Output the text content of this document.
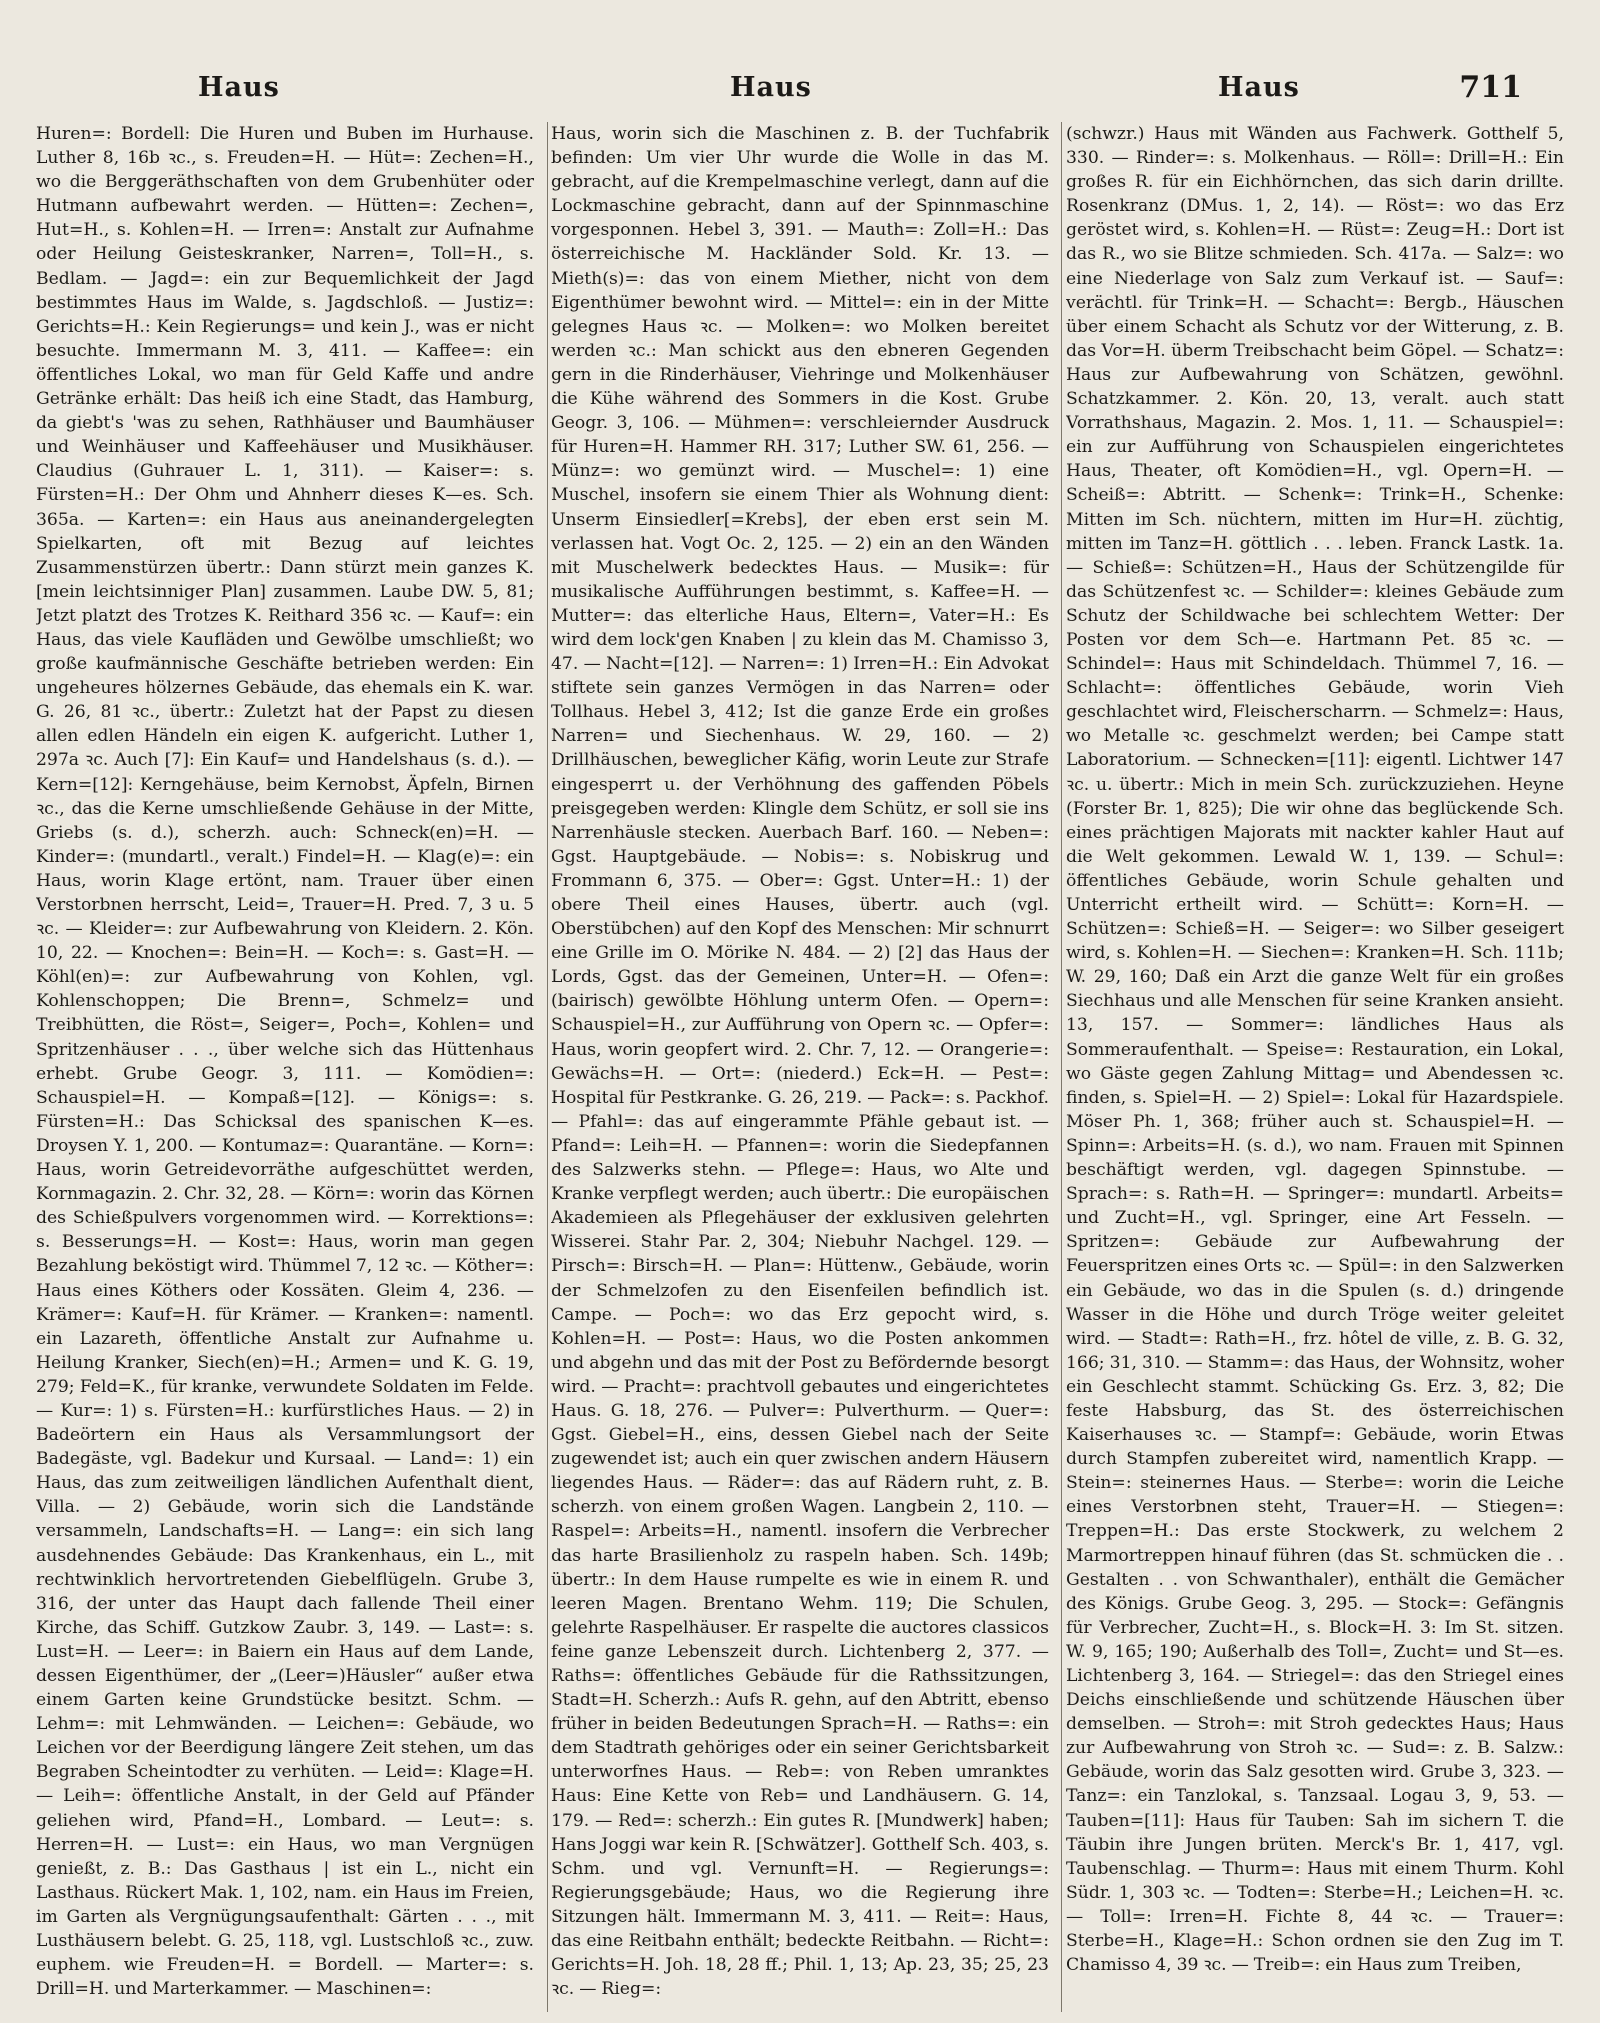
Haus	Haus	Haus	711

Huren=: Bordell: Die Huren und Buben im Hurhause. Luther 8, 16b ꝛc., s. Freuden=H. — Hüt=: Zechen=H., wo die Berggeräthschaften von dem Grubenhüter oder Hutmann aufbewahrt werden. — Hütten=: Zechen=, Hut=H., s. Kohlen=H. — Irren=: Anstalt zur Aufnahme oder Heilung Geisteskranker, Narren=, Toll=H., s. Bedlam. — Jagd=: ein zur Bequemlichkeit der Jagd bestimmtes Haus im Walde, s. Jagdschloß. — Justiz=: Gerichts=H.: Kein Regierungs= und kein J., was er nicht besuchte. Immermann M. 3, 411. — Kaffee=: ein öffentliches Lokal, wo man für Geld Kaffe und andre Getränke erhält: Das heiß ich eine Stadt, das Hamburg, da giebt's 'was zu sehen, Rathhäuser und Baumhäuser und Weinhäuser und Kaffeehäuser und Musikhäuser. Claudius (Guhrauer L. 1, 311). — Kaiser=: s. Fürsten=H.: Der Ohm und Ahnherr dieses K—es. Sch. 365a. — Karten=: ein Haus aus aneinandergelegten Spielkarten, oft mit Bezug auf leichtes Zusammenstürzen übertr.: Dann stürzt mein ganzes K. [mein leichtsinniger Plan] zusammen. Laube DW. 5, 81; Jetzt platzt des Trotzes K. Reithard 356 ꝛc. — Kauf=: ein Haus, das viele Kaufläden und Gewölbe umschließt; wo große kaufmännische Geschäfte betrieben werden: Ein ungeheures hölzernes Gebäude, das ehemals ein K. war. G. 26, 81 ꝛc., übertr.: Zuletzt hat der Papst zu diesen allen edlen Händeln ein eigen K. aufgericht. Luther 1, 297a ꝛc. Auch [7]: Ein Kauf= und Handelshaus (s. d.). — Kern=[12]: Kerngehäuse, beim Kernobst, Äpfeln, Birnen ꝛc., das die Kerne umschließende Gehäuse in der Mitte, Griebs (s. d.), scherzh. auch: Schneck(en)=H. — Kinder=: (mundartl., veralt.) Findel=H. — Klag(e)=: ein Haus, worin Klage ertönt, nam. Trauer über einen Verstorbnen herrscht, Leid=, Trauer=H. Pred. 7, 3 u. 5 ꝛc. — Kleider=: zur Aufbewahrung von Kleidern. 2. Kön. 10, 22. — Knochen=: Bein=H. — Koch=: s. Gast=H. — Köhl(en)=: zur Aufbewahrung von Kohlen, vgl. Kohlenschoppen; Die Brenn=, Schmelz= und Treibhütten, die Röst=, Seiger=, Poch=, Kohlen= und Spritzenhäuser . . ., über welche sich das Hüttenhaus erhebt. Grube Geogr. 3, 111. — Komödien=: Schauspiel=H. — Kompaß=[12]. — Königs=: s. Fürsten=H.: Das Schicksal des spanischen K—es. Droysen Y. 1, 200. — Kontumaz=: Quarantäne. — Korn=: Haus, worin Getreidevorräthe aufgeschüttet werden, Kornmagazin. 2. Chr. 32, 28. — Körn=: worin das Körnen des Schießpulvers vorgenommen wird. — Korrektions=: s. Besserungs=H. — Kost=: Haus, worin man gegen Bezahlung beköstigt wird. Thümmel 7, 12 ꝛc. — Köther=: Haus eines Köthers oder Kossäten. Gleim 4, 236. — Krämer=: Kauf=H. für Krämer. — Kranken=: namentl. ein Lazareth, öffentliche Anstalt zur Aufnahme u. Heilung Kranker, Siech(en)=H.; Armen= und K. G. 19, 279; Feld=K., für kranke, verwundete Soldaten im Felde. — Kur=: 1) s. Fürsten=H.: kurfürstliches Haus. — 2) in Badeörtern ein Haus als Versammlungsort der Badegäste, vgl. Badekur und Kursaal. — Land=: 1) ein Haus, das zum zeitweiligen ländlichen Aufenthalt dient, Villa. — 2) Gebäude, worin sich die Landstände versammeln, Landschafts=H. — Lang=: ein sich lang ausdehnendes Gebäude: Das Krankenhaus, ein L., mit rechtwinklich hervortretenden Giebelflügeln. Grube 3, 316, der unter das Haupt dach fallende Theil einer Kirche, das Schiff. Gutzkow Zaubr. 3, 149. — Last=: s. Lust=H. — Leer=: in Baiern ein Haus auf dem Lande, dessen Eigenthümer, der „(Leer=)Häusler“ außer etwa einem Garten keine Grundstücke besitzt. Schm. — Lehm=: mit Lehmwänden. — Leichen=: Gebäude, wo Leichen vor der Beerdigung längere Zeit stehen, um das Begraben Scheintodter zu verhüten. — Leid=: Klage=H. — Leih=: öffentliche Anstalt, in der Geld auf Pfänder geliehen wird, Pfand=H., Lombard. — Leut=: s. Herren=H. — Lust=: ein Haus, wo man Vergnügen genießt, z. B.: Das Gasthaus | ist ein L., nicht ein Lasthaus. Rückert Mak. 1, 102, nam. ein Haus im Freien, im Garten als Vergnügungsaufenthalt: Gärten . . ., mit Lusthäusern belebt. G. 25, 118, vgl. Lustschloß ꝛc., zuw. euphem. wie Freuden=H. = Bordell. — Marter=: s. Drill=H. und Marterkammer. — Maschinen=:

Haus, worin sich die Maschinen z. B. der Tuchfabrik befinden: Um vier Uhr wurde die Wolle in das M. gebracht, auf die Krempelmaschine verlegt, dann auf die Lockmaschine gebracht, dann auf der Spinnmaschine vorgesponnen. Hebel 3, 391. — Mauth=: Zoll=H.: Das österreichische M. Hackländer Sold. Kr. 13. — Mieth(s)=: das von einem Miether, nicht von dem Eigenthümer bewohnt wird. — Mittel=: ein in der Mitte gelegnes Haus ꝛc. — Molken=: wo Molken bereitet werden ꝛc.: Man schickt aus den ebneren Gegenden gern in die Rinderhäuser, Viehringe und Molkenhäuser die Kühe während des Sommers in die Kost. Grube Geogr. 3, 106. — Mühmen=: verschleiernder Ausdruck für Huren=H. Hammer RH. 317; Luther SW. 61, 256. — Münz=: wo gemünzt wird. — Muschel=: 1) eine Muschel, insofern sie einem Thier als Wohnung dient: Unserm Einsiedler[=Krebs], der eben erst sein M. verlassen hat. Vogt Oc. 2, 125. — 2) ein an den Wänden mit Muschelwerk bedecktes Haus. — Musik=: für musikalische Aufführungen bestimmt, s. Kaffee=H. — Mutter=: das elterliche Haus, Eltern=, Vater=H.: Es wird dem lock'gen Knaben | zu klein das M. Chamisso 3, 47. — Nacht=[12]. — Narren=: 1) Irren=H.: Ein Advokat stiftete sein ganzes Vermögen in das Narren= oder Tollhaus. Hebel 3, 412; Ist die ganze Erde ein großes Narren= und Siechenhaus. W. 29, 160. — 2) Drillhäuschen, beweglicher Käfig, worin Leute zur Strafe eingesperrt u. der Verhöhnung des gaffenden Pöbels preisgegeben werden: Klingle dem Schütz, er soll sie ins Narrenhäusle stecken. Auerbach Barf. 160. — Neben=: Ggst. Hauptgebäude. — Nobis=: s. Nobiskrug und Frommann 6, 375. — Ober=: Ggst. Unter=H.: 1) der obere Theil eines Hauses, übertr. auch (vgl. Oberstübchen) auf den Kopf des Menschen: Mir schnurrt eine Grille im O. Mörike N. 484. — 2) [2] das Haus der Lords, Ggst. das der Gemeinen, Unter=H. — Ofen=: (bairisch) gewölbte Höhlung unterm Ofen. — Opern=: Schauspiel=H., zur Aufführung von Opern ꝛc. — Opfer=: Haus, worin geopfert wird. 2. Chr. 7, 12. — Orangerie=: Gewächs=H. — Ort=: (niederd.) Eck=H. — Pest=: Hospital für Pestkranke. G. 26, 219. — Pack=: s. Packhof. — Pfahl=: das auf eingerammte Pfähle gebaut ist. — Pfand=: Leih=H. — Pfannen=: worin die Siedepfannen des Salzwerks stehn. — Pflege=: Haus, wo Alte und Kranke verpflegt werden; auch übertr.: Die europäischen Akademieen als Pflegehäuser der exklusiven gelehrten Wisserei. Stahr Par. 2, 304; Niebuhr Nachgel. 129. — Pirsch=: Birsch=H. — Plan=: Hüttenw., Gebäude, worin der Schmelzofen zu den Eisenfeilen befindlich ist. Campe. — Poch=: wo das Erz gepocht wird, s. Kohlen=H. — Post=: Haus, wo die Posten ankommen und abgehn und das mit der Post zu Befördernde besorgt wird. — Pracht=: prachtvoll gebautes und eingerichtetes Haus. G. 18, 276. — Pulver=: Pulverthurm. — Quer=: Ggst. Giebel=H., eins, dessen Giebel nach der Seite zugewendet ist; auch ein quer zwischen andern Häusern liegendes Haus. — Räder=: das auf Rädern ruht, z. B. scherzh. von einem großen Wagen. Langbein 2, 110. — Raspel=: Arbeits=H., namentl. insofern die Verbrecher das harte Brasilienholz zu raspeln haben. Sch. 149b; übertr.: In dem Hause rumpelte es wie in einem R. und leeren Magen. Brentano Wehm. 119; Die Schulen, gelehrte Raspelhäuser. Er raspelte die auctores classicos feine ganze Lebenszeit durch. Lichtenberg 2, 377. — Raths=: öffentliches Gebäude für die Rathssitzungen, Stadt=H. Scherzh.: Aufs R. gehn, auf den Abtritt, ebenso früher in beiden Bedeutungen Sprach=H. — Raths=: ein dem Stadtrath gehöriges oder ein seiner Gerichtsbarkeit unterworfnes Haus. — Reb=: von Reben umranktes Haus: Eine Kette von Reb= und Landhäusern. G. 14, 179. — Red=: scherzh.: Ein gutes R. [Mundwerk] haben; Hans Joggi war kein R. [Schwätzer]. Gotthelf Sch. 403, s. Schm. und vgl. Vernunft=H. — Regierungs=: Regierungsgebäude; Haus, wo die Regierung ihre Sitzungen hält. Immermann M. 3, 411. — Reit=: Haus, das eine Reitbahn enthält; bedeckte Reitbahn. — Richt=: Gerichts=H. Joh. 18, 28 ff.; Phil. 1, 13; Ap. 23, 35; 25, 23 ꝛc. — Rieg=:

(schwzr.) Haus mit Wänden aus Fachwerk. Gotthelf 5, 330. — Rinder=: s. Molkenhaus. — Röll=: Drill=H.: Ein großes R. für ein Eichhörnchen, das sich darin drillte. Rosenkranz (DMus. 1, 2, 14). — Röst=: wo das Erz geröstet wird, s. Kohlen=H. — Rüst=: Zeug=H.: Dort ist das R., wo sie Blitze schmieden. Sch. 417a. — Salz=: wo eine Niederlage von Salz zum Verkauf ist. — Sauf=: verächtl. für Trink=H. — Schacht=: Bergb., Häuschen über einem Schacht als Schutz vor der Witterung, z. B. das Vor=H. überm Treibschacht beim Göpel. — Schatz=: Haus zur Aufbewahrung von Schätzen, gewöhnl. Schatzkammer. 2. Kön. 20, 13, veralt. auch statt Vorrathshaus, Magazin. 2. Mos. 1, 11. — Schauspiel=: ein zur Aufführung von Schauspielen eingerichtetes Haus, Theater, oft Komödien=H., vgl. Opern=H. — Scheiß=: Abtritt. — Schenk=: Trink=H., Schenke: Mitten im Sch. nüchtern, mitten im Hur=H. züchtig, mitten im Tanz=H. göttlich . . . leben. Franck Lastk. 1a. — Schieß=: Schützen=H., Haus der Schützengilde für das Schützenfest ꝛc. — Schilder=: kleines Gebäude zum Schutz der Schildwache bei schlechtem Wetter: Der Posten vor dem Sch—e. Hartmann Pet. 85 ꝛc. — Schindel=: Haus mit Schindeldach. Thümmel 7, 16. — Schlacht=: öffentliches Gebäude, worin Vieh geschlachtet wird, Fleischerscharrn. — Schmelz=: Haus, wo Metalle ꝛc. geschmelzt werden; bei Campe statt Laboratorium. — Schnecken=[11]: eigentl. Lichtwer 147 ꝛc. u. übertr.: Mich in mein Sch. zurückzuziehen. Heyne (Forster Br. 1, 825); Die wir ohne das beglückende Sch. eines prächtigen Majorats mit nackter kahler Haut auf die Welt gekommen. Lewald W. 1, 139. — Schul=: öffentliches Gebäude, worin Schule gehalten und Unterricht ertheilt wird. — Schütt=: Korn=H. — Schützen=: Schieß=H. — Seiger=: wo Silber geseigert wird, s. Kohlen=H. — Siechen=: Kranken=H. Sch. 111b; W. 29, 160; Daß ein Arzt die ganze Welt für ein großes Siechhaus und alle Menschen für seine Kranken ansieht. 13, 157. — Sommer=: ländliches Haus als Sommeraufenthalt. — Speise=: Restauration, ein Lokal, wo Gäste gegen Zahlung Mittag= und Abendessen ꝛc. finden, s. Spiel=H. — 2) Spiel=: Lokal für Hazardspiele. Möser Ph. 1, 368; früher auch st. Schauspiel=H. — Spinn=: Arbeits=H. (s. d.), wo nam. Frauen mit Spinnen beschäftigt werden, vgl. dagegen Spinnstube. — Sprach=: s. Rath=H. — Springer=: mundartl. Arbeits= und Zucht=H., vgl. Springer, eine Art Fesseln. — Spritzen=: Gebäude zur Aufbewahrung der Feuerspritzen eines Orts ꝛc. — Spül=: in den Salzwerken ein Gebäude, wo das in die Spulen (s. d.) dringende Wasser in die Höhe und durch Tröge weiter geleitet wird. — Stadt=: Rath=H., frz. hôtel de ville, z. B. G. 32, 166; 31, 310. — Stamm=: das Haus, der Wohnsitz, woher ein Geschlecht stammt. Schücking Gs. Erz. 3, 82; Die feste Habsburg, das St. des österreichischen Kaiserhauses ꝛc. — Stampf=: Gebäude, worin Etwas durch Stampfen zubereitet wird, namentlich Krapp. — Stein=: steinernes Haus. — Sterbe=: worin die Leiche eines Verstorbnen steht, Trauer=H. — Stiegen=: Treppen=H.: Das erste Stockwerk, zu welchem 2 Marmortreppen hinauf führen (das St. schmücken die . . Gestalten . . von Schwanthaler), enthält die Gemächer des Königs. Grube Geog. 3, 295. — Stock=: Gefängnis für Verbrecher, Zucht=H., s. Block=H. 3: Im St. sitzen. W. 9, 165; 190; Außerhalb des Toll=, Zucht= und St—es. Lichtenberg 3, 164. — Striegel=: das den Striegel eines Deichs einschließende und schützende Häuschen über demselben. — Stroh=: mit Stroh gedecktes Haus; Haus zur Aufbewahrung von Stroh ꝛc. — Sud=: z. B. Salzw.: Gebäude, worin das Salz gesotten wird. Grube 3, 323. — Tanz=: ein Tanzlokal, s. Tanzsaal. Logau 3, 9, 53. — Tauben=[11]: Haus für Tauben: Sah im sichern T. die Täubin ihre Jungen brüten. Merck's Br. 1, 417, vgl. Taubenschlag. — Thurm=: Haus mit einem Thurm. Kohl Südr. 1, 303 ꝛc. — Todten=: Sterbe=H.; Leichen=H. ꝛc. — Toll=: Irren=H. Fichte 8, 44 ꝛc. — Trauer=: Sterbe=H., Klage=H.: Schon ordnen sie den Zug im T. Chamisso 4, 39 ꝛc. — Treib=: ein Haus zum Treiben,
